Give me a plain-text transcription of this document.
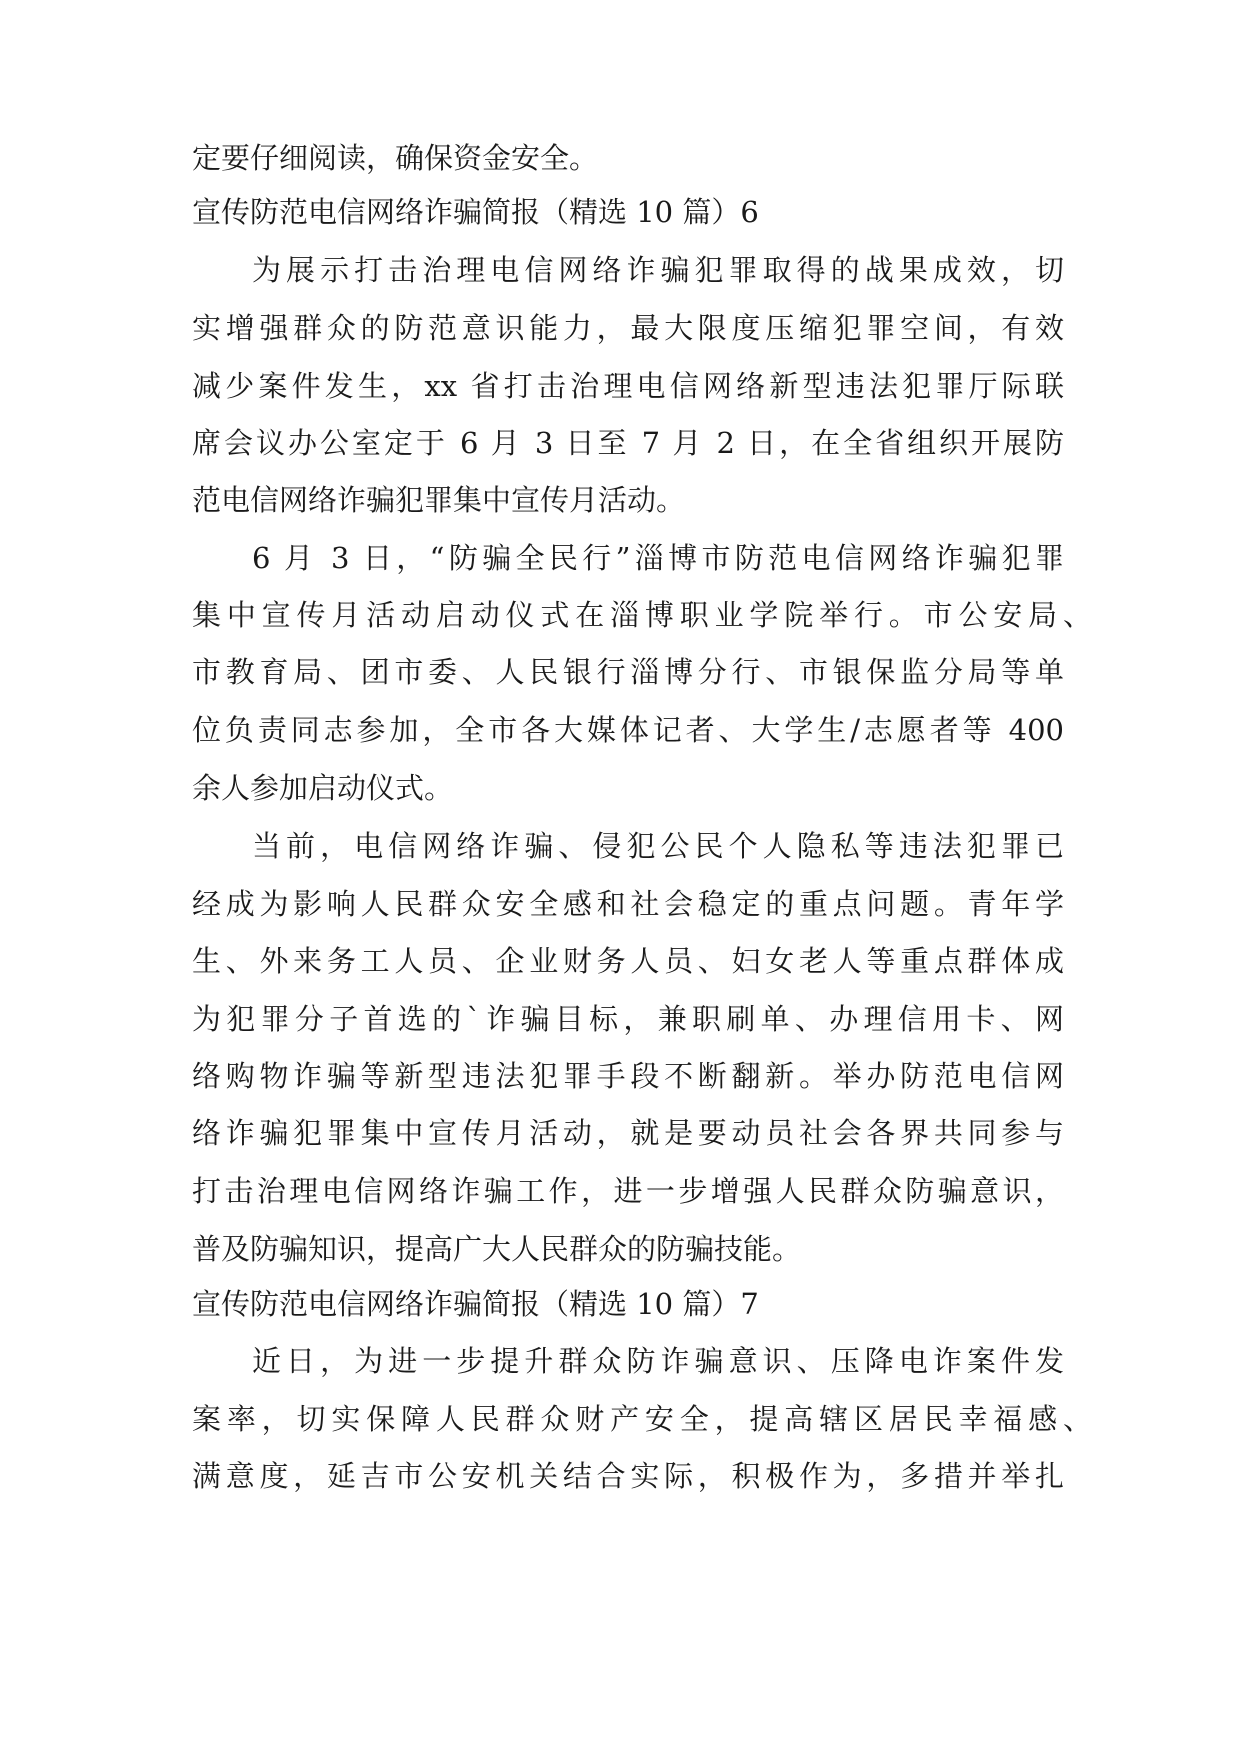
定要仔细阅读，确保资金安全。
宣传防范电信网络诈骗简报（精选 10 篇）6
为展示打击治理电信网络诈骗犯罪取得的战果成效，切
实增强群众的防范意识能力，最大限度压缩犯罪空间，有效
减少案件发生，xx 省打击治理电信网络新型违法犯罪厅际联
席会议办公室定于 6 月 3 日至 7 月 2 日，在全省组织开展防
范电信网络诈骗犯罪集中宣传月活动。
6 月 3 日，“防骗全民行”淄博市防范电信网络诈骗犯罪
集中宣传月活动启动仪式在淄博职业学院举行。市公安局、
市教育局、团市委、人民银行淄博分行、市银保监分局等单
位负责同志参加，全市各大媒体记者、大学生/志愿者等 400
余人参加启动仪式。
当前，电信网络诈骗、侵犯公民个人隐私等违法犯罪已
经成为影响人民群众安全感和社会稳定的重点问题。青年学
生、外来务工人员、企业财务人员、妇女老人等重点群体成
为犯罪分子首选的`诈骗目标，兼职刷单、办理信用卡、网
络购物诈骗等新型违法犯罪手段不断翻新。举办防范电信网
络诈骗犯罪集中宣传月活动，就是要动员社会各界共同参与
打击治理电信网络诈骗工作，进一步增强人民群众防骗意识，
普及防骗知识，提高广大人民群众的防骗技能。
宣传防范电信网络诈骗简报（精选 10 篇）7
近日，为进一步提升群众防诈骗意识、压降电诈案件发
案率，切实保障人民群众财产安全，提高辖区居民幸福感、
满意度，延吉市公安机关结合实际，积极作为，多措并举扎
